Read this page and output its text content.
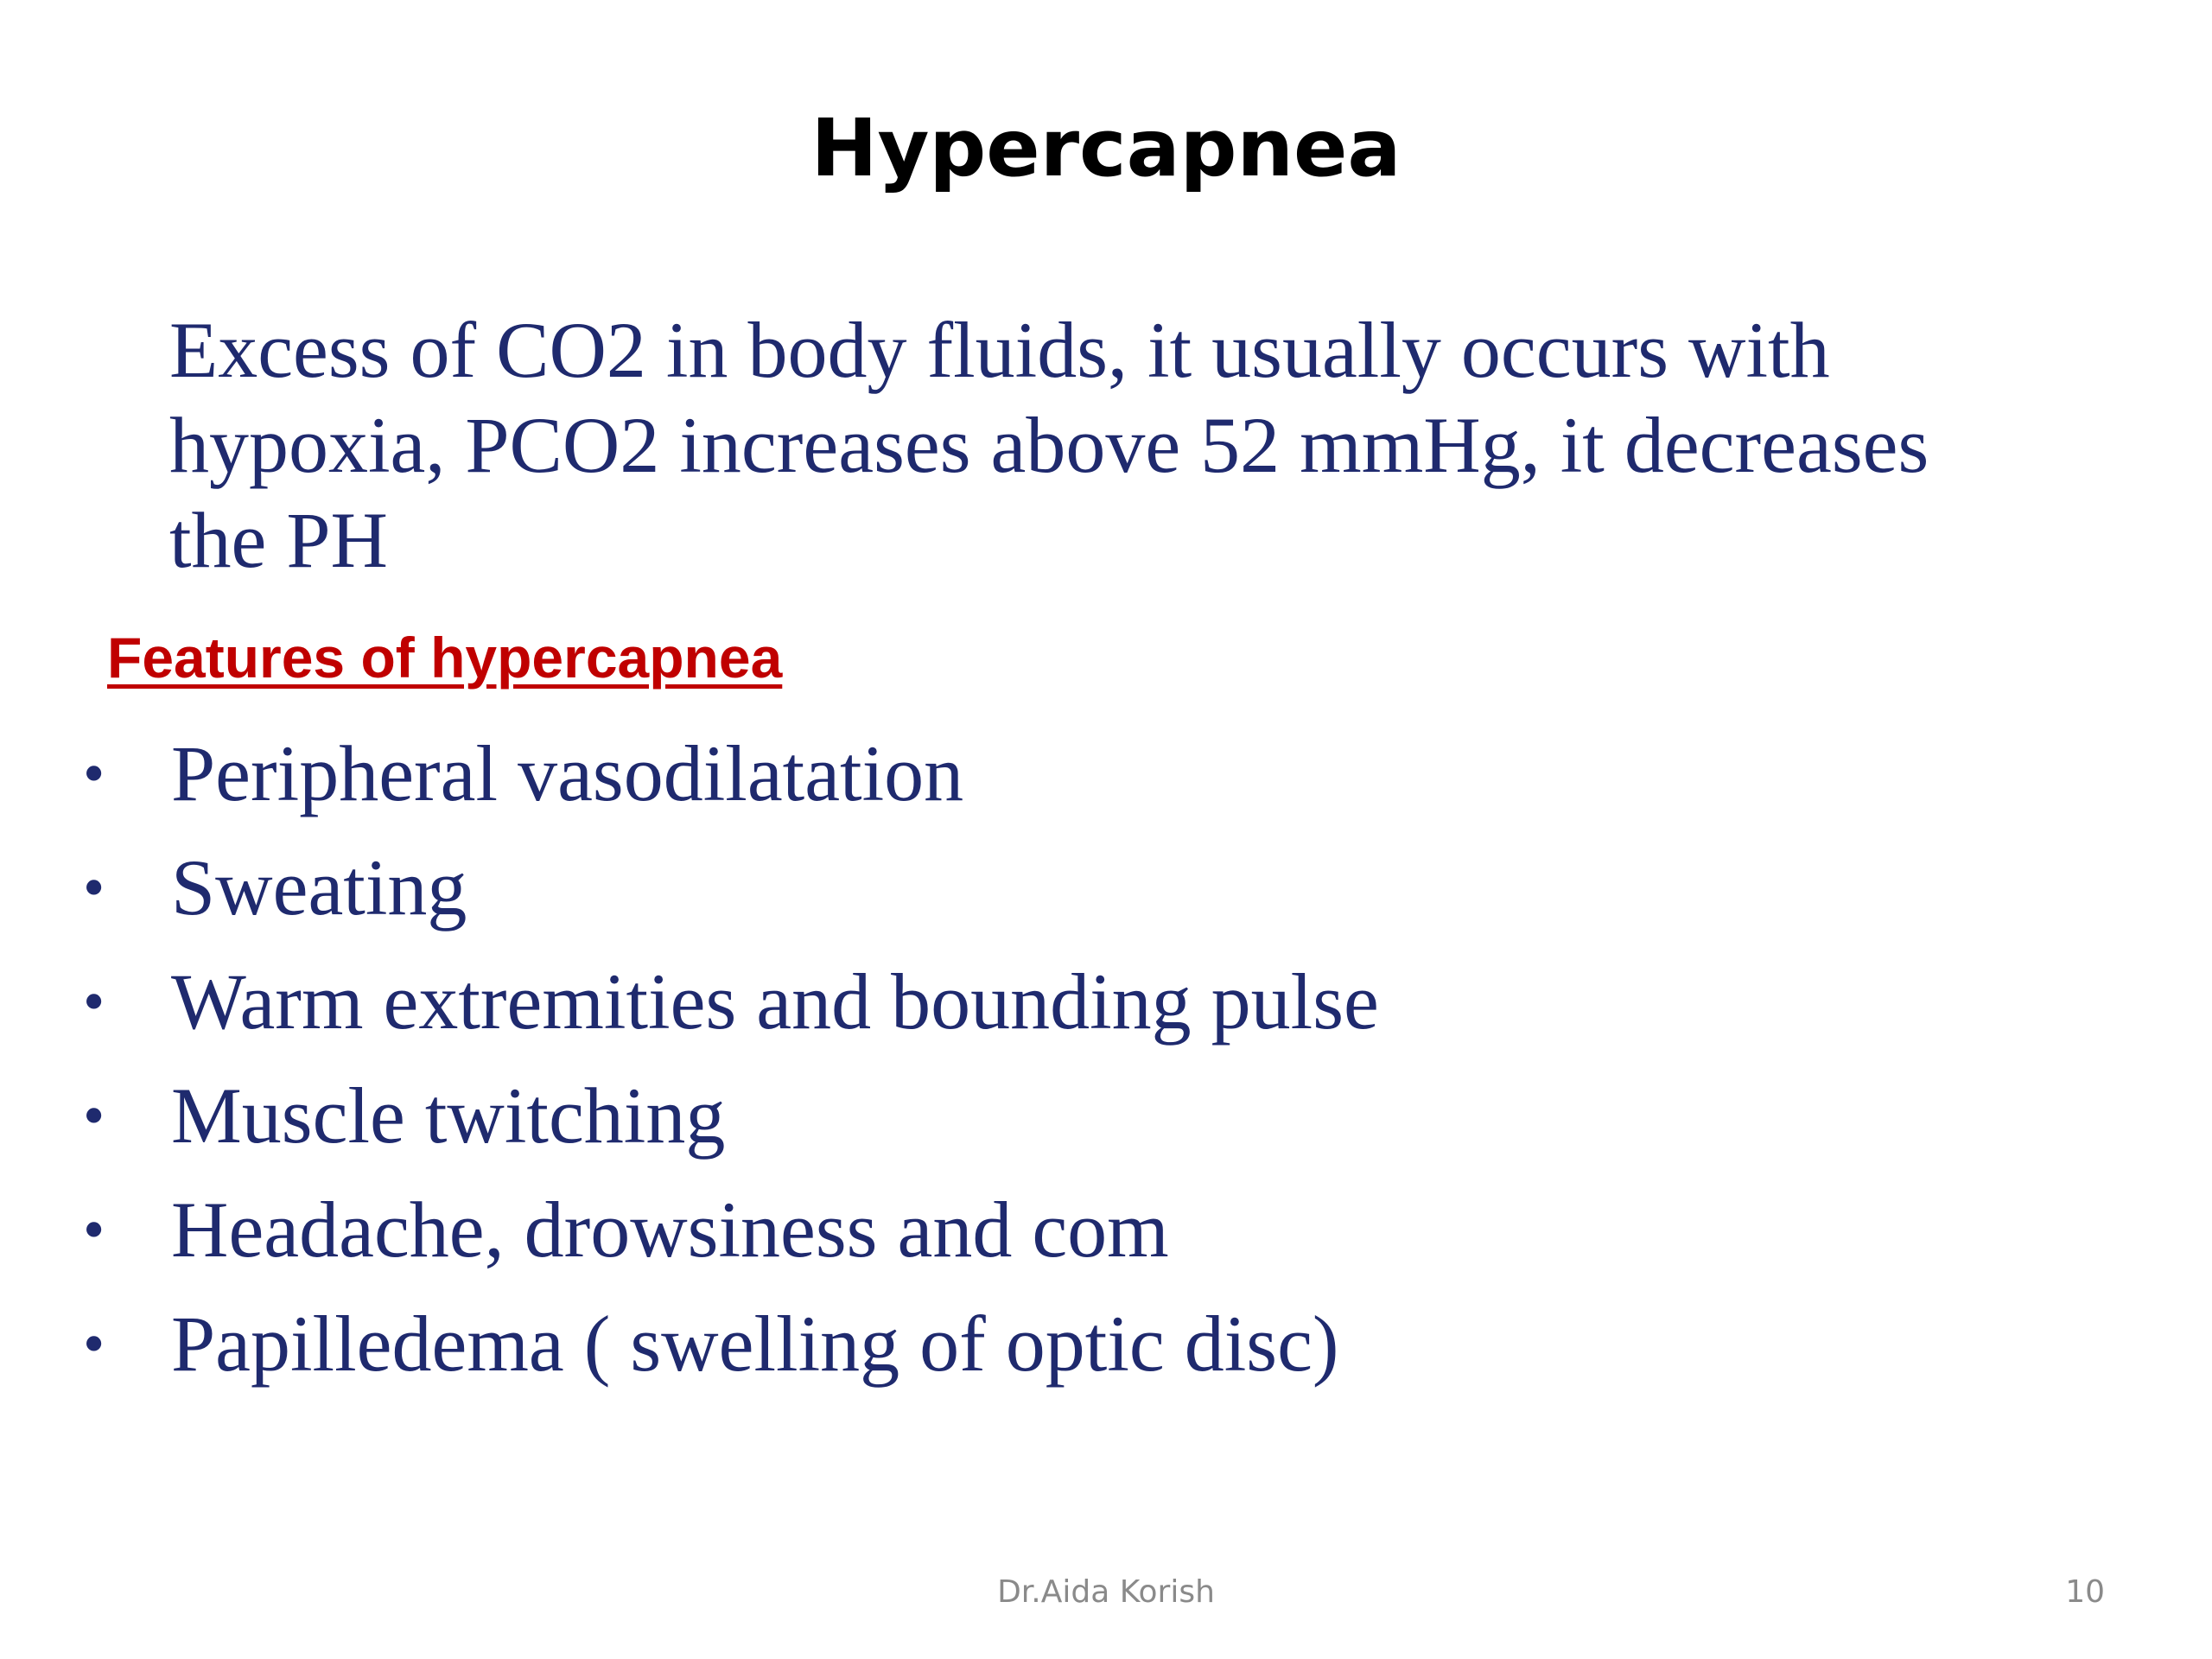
Hypercapnea

Excess of CO2 in body fluids, it usually occurs with
hypoxia, PCO2 increases above 52 mmHg, it decreases
the PH

Features of hypercapnea

• Peripheral vasodilatation
• Sweating
• Warm extremities and bounding pulse
• Muscle twitching
• Headache, drowsiness and com
• Papilledema ( swelling of optic disc)
Dr.Aida Korish	10
